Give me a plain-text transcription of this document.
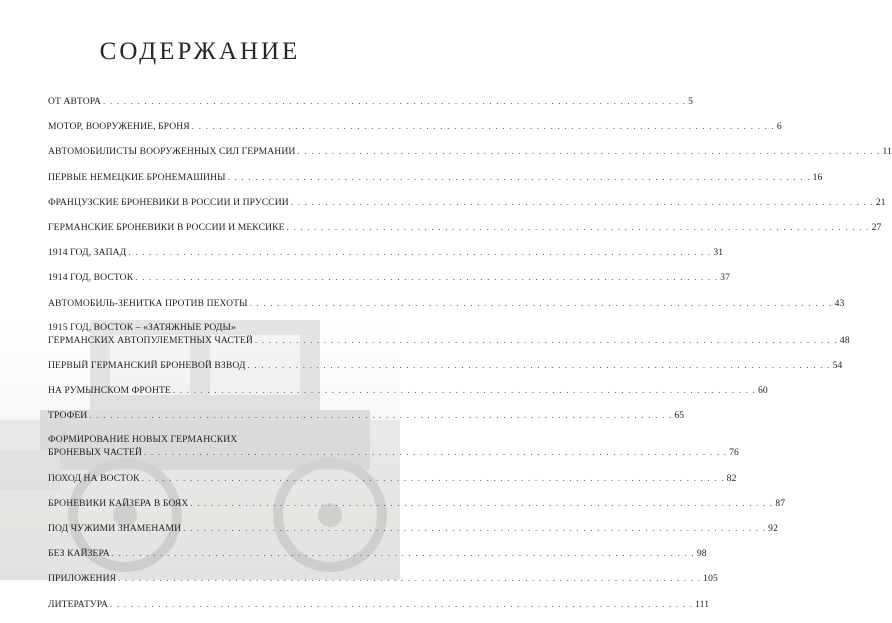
СОДЕРЖАНИЕ
ОТ АВТОРА . . .	5
МОТОР, ВООРУЖЕНИЕ, БРОНЯ . . .	6
АВТОМОБИЛИСТЫ ВООРУЖЕННЫХ СИЛ ГЕРМАНИИ . . .	11
ПЕРВЫЕ НЕМЕЦКИЕ БРОНЕМАШИНЫ . . .	16
ФРАНЦУЗСКИЕ БРОНЕВИКИ В РОССИИ И ПРУССИИ . . .	21
ГЕРМАНСКИЕ БРОНЕВИКИ В РОССИИ И МЕКСИКЕ . . .	27
1914 ГОД, ЗАПАД . . .	31
1914 ГОД, ВОСТОК . . .	37
АВТОМОБИЛЬ-ЗЕНИТКА ПРОТИВ ПЕХОТЫ . . .	43
1915 ГОД, ВОСТОК – «ЗАТЯЖНЫЕ РОДЫ»
ГЕРМАНСКИХ АВТОПУЛЕМЕТНЫХ ЧАСТЕЙ . . .	48
ПЕРВЫЙ ГЕРМАНСКИЙ БРОНЕВОЙ ВЗВОД . . .	54
НА РУМЫНСКОМ ФРОНТЕ . . .	60
ТРОФЕИ . . .	65
ФОРМИРОВАНИЕ НОВЫХ ГЕРМАНСКИХ
БРОНЕВЫХ ЧАСТЕЙ . . .	76
ПОХОД НА ВОСТОК . . .	82
БРОНЕВИКИ КАЙЗЕРА В БОЯХ . . .	87
ПОД ЧУЖИМИ ЗНАМЕНАМИ . . .	92
БЕЗ КАЙЗЕРА . . .	98
ПРИЛОЖЕНИЯ . . .	105
ЛИТЕРАТУРА . . .	111
